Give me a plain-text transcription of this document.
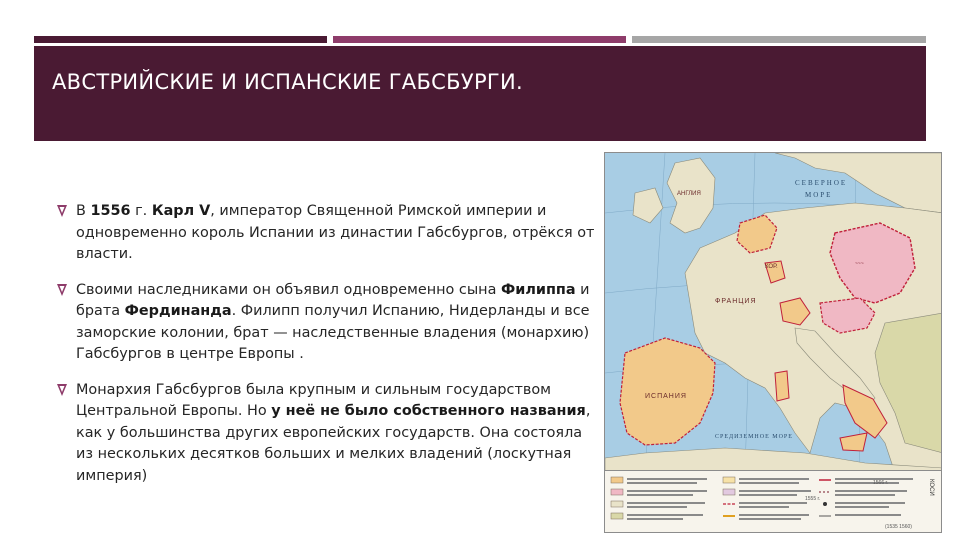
АВСТРИЙСКИЕ И ИСПАНСКИЕ ГАБСБУРГИ.
В 1556 г. Карл V, император Священной Римской империи и одновременно король Испании из династии Габсбургов, отрёкся от власти.
Своими наследниками он объявил одновременно сына Филиппа и брата Фердинанда. Филипп получил Испанию, Нидерланды и все заморские колонии, брат — наследственные владения (монархию) Габсбургов в центре Европы .
Монархия Габсбургов была крупным и сильным государством Центральной Европы. Но у неё не было собственного названия, как у большинства других европейских государств. Она состояла из нескольких десятков больших и мелких владений (лоскутная империя)
СЕВЕРНОЕ
МОРЕ
АНГЛИЯ
ФРАНЦИЯ
ИСПАНИЯ
СРЕДИЗЕМНОЕ МОРЕ
КОР.	~~~
1566 г.
1555 г.
(1535 1560)
КОСИ
